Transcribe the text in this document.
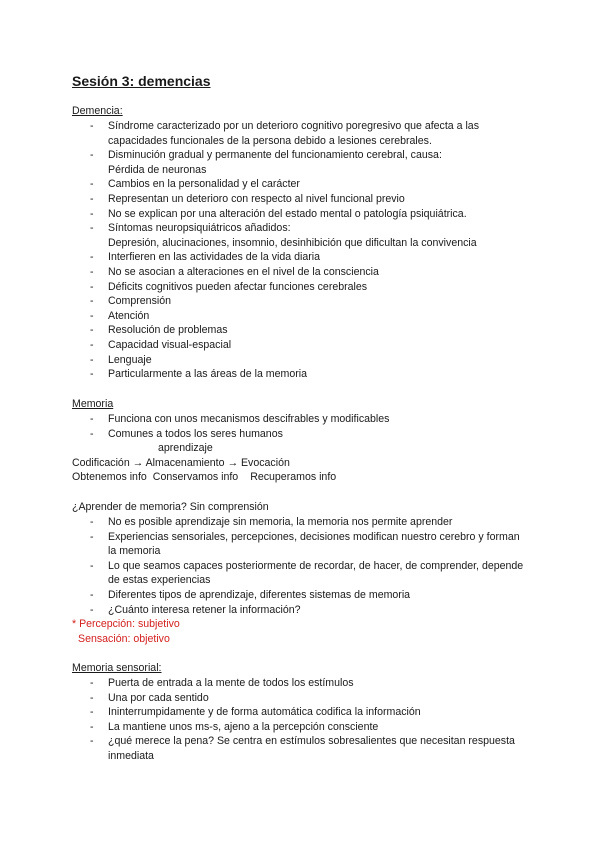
Sesión 3: demencias
Demencia:
- Síndrome caracterizado por un deterioro cognitivo poregresivo que afecta a las capacidades funcionales de la persona debido a lesiones cerebrales.
- Disminución gradual y permanente del funcionamiento cerebral, causa:
Pérdida de neuronas
- Cambios en la personalidad y el carácter
- Representan un deterioro con respecto al nivel funcional previo
- No se explican por una alteración del estado mental o patología psiquiátrica.
- Síntomas neuropsiquiátricos añadidos:
Depresión, alucinaciones, insomnio, desinhibición que dificultan la convivencia
- Interfieren en las actividades de la vida diaria
- No se asocian a alteraciones en el nivel de la consciencia
- Déficits cognitivos pueden afectar funciones cerebrales
- Comprensión
- Atención
- Resolución de problemas
- Capacidad visual-espacial
- Lenguaje
- Particularmente a las áreas de la memoria
Memoria
- Funciona con unos mecanismos descifrables y modificables
- Comunes a todos los seres humanos
aprendizaje
Codificación → Almacenamiento → Evocación
Obtenemos info Conservamos info Recuperamos info
¿Aprender de memoria? Sin comprensión
- No es posible aprendizaje sin memoria, la memoria nos permite aprender
- Experiencias sensoriales, percepciones, decisiones modifican nuestro cerebro y forman la memoria
- Lo que seamos capaces posteriormente de recordar, de hacer, de comprender, depende de estas experiencias
- Diferentes tipos de aprendizaje, diferentes sistemas de memoria
- ¿Cuánto interesa retener la información?
* Percepción: subjetivo
Sensación: objetivo
Memoria sensorial:
- Puerta de entrada a la mente de todos los estímulos
- Una por cada sentido
- Ininterrumpidamente y de forma automática codifica la información
- La mantiene unos ms-s, ajeno a la percepción consciente
- ¿qué merece la pena? Se centra en estímulos sobresalientes que necesitan respuesta inmediata
